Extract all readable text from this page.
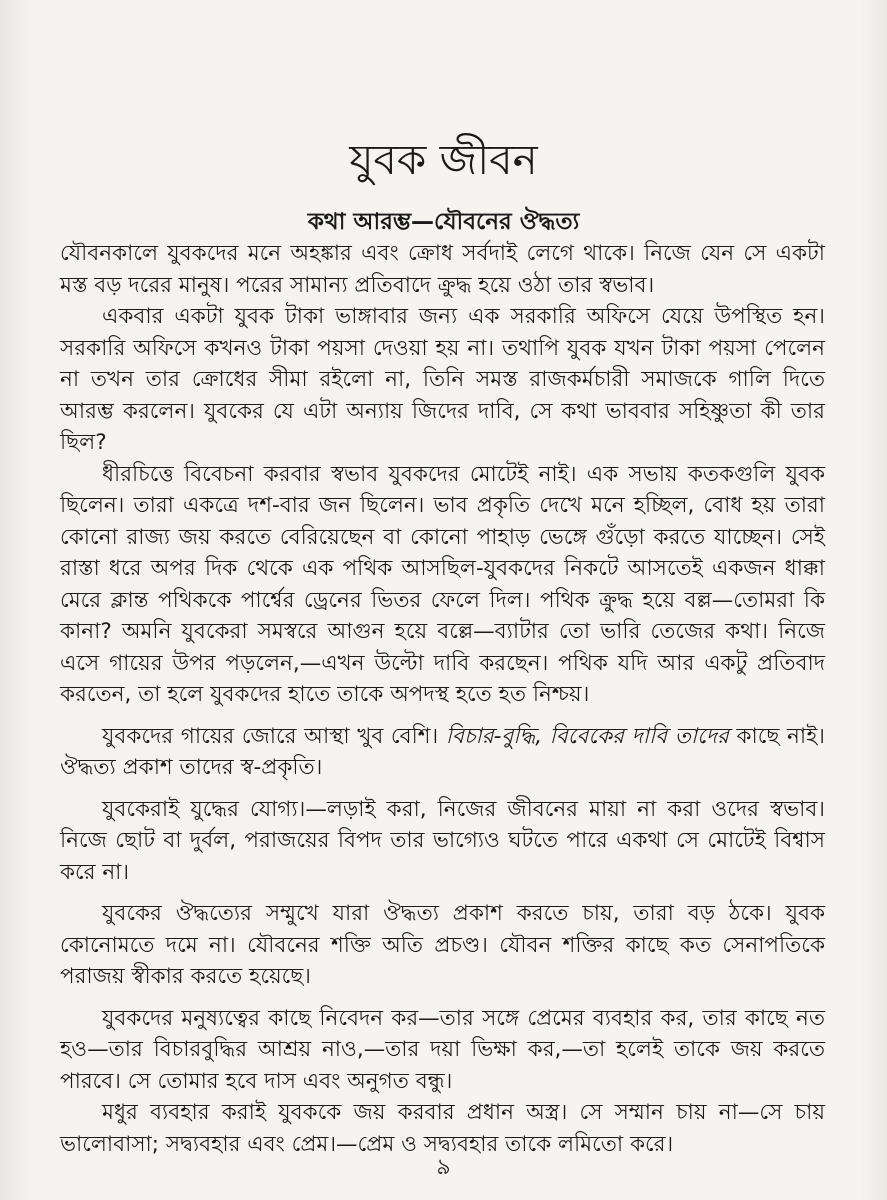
যুবক জীবন
কথা আরম্ভ—যৌবনের ঔদ্ধত্য

যৌবনকালে যুবকদের মনে অহঙ্কার এবং ক্রোধ সর্বদাই লেগে থাকে। নিজে যেন সে একটা মস্ত বড় দরের মানুষ। পরের সামান্য প্রতিবাদে ক্রুদ্ধ হয়ে ওঠা তার স্বভাব।

একবার একটা যুবক টাকা ভাঙ্গাবার জন্য এক সরকারি অফিসে যেয়ে উপস্থিত হন। সরকারি অফিসে কখনও টাকা পয়সা দেওয়া হয় না। তথাপি যুবক যখন টাকা পয়সা পেলেন না তখন তার ক্রোধের সীমা রইলো না, তিনি সমস্ত রাজকর্মচারী সমাজকে গালি দিতে আরম্ভ করলেন। যুবকের যে এটা অন্যায় জিদের দাবি, সে কথা ভাববার সহিষ্ণুতা কী তার ছিল?

ধীরচিত্তে বিবেচনা করবার স্বভাব যুবকদের মোটেই নাই। এক সভায় কতকগুলি যুবক ছিলেন। তারা একত্রে দশ-বার জন ছিলেন। ভাব প্রকৃতি দেখে মনে হচ্ছিল, বোধ হয় তারা কোনো রাজ্য জয় করতে বেরিয়েছেন বা কোনো পাহাড় ভেঙ্গে গুঁড়ো করতে যাচ্ছেন। সেই রাস্তা ধরে অপর দিক থেকে এক পথিক আসছিল-যুবকদের নিকটে আসতেই একজন ধাক্কা মেরে ক্লান্ত পথিককে পার্শ্বের ড্রেনের ভিতর ফেলে দিল। পথিক ক্রুদ্ধ হয়ে বল্ল—তোমরা কি কানা? অমনি যুবকেরা সমস্বরে আগুন হয়ে বল্লে—ব্যাটার তো ভারি তেজের কথা। নিজে এসে গায়ের উপর পড়লেন,—এখন উল্টো দাবি করছেন। পথিক যদি আর একটু প্রতিবাদ করতেন, তা হলে যুবকদের হাতে তাকে অপদস্থ হতে হত নিশ্চয়।

যুবকদের গায়ের জোরে আস্থা খুব বেশি। বিচার-বুদ্ধি, বিবেকের দাবি তাদের কাছে নাই। ঔদ্ধত্য প্রকাশ তাদের স্ব-প্রকৃতি।

যুবকেরাই যুদ্ধের যোগ্য।—লড়াই করা, নিজের জীবনের মায়া না করা ওদের স্বভাব। নিজে ছোট বা দুর্বল, পরাজয়ের বিপদ তার ভাগ্যেও ঘটতে পারে একথা সে মোটেই বিশ্বাস করে না।

যুবকের ঔদ্ধত্যের সম্মুখে যারা ঔদ্ধত্য প্রকাশ করতে চায়, তারা বড় ঠকে। যুবক কোনোমতে দমে না। যৌবনের শক্তি অতি প্রচণ্ড। যৌবন শক্তির কাছে কত সেনাপতিকে পরাজয় স্বীকার করতে হয়েছে।

যুবকদের মনুষ্যত্বের কাছে নিবেদন কর—তার সঙ্গে প্রেমের ব্যবহার কর, তার কাছে নত হও—তার বিচারবুদ্ধির আশ্রয় নাও,—তার দয়া ভিক্ষা কর,—তা হলেই তাকে জয় করতে পারবে। সে তোমার হবে দাস এবং অনুগত বন্ধু।

মধুর ব্যবহার করাই যুবককে জয় করবার প্রধান অস্ত্র। সে সম্মান চায় না—সে চায় ভালোবাসা; সদ্ব্যবহার এবং প্রেম।—প্রেম ও সদ্ব্যবহার তাকে লমিতো করে।

৯
